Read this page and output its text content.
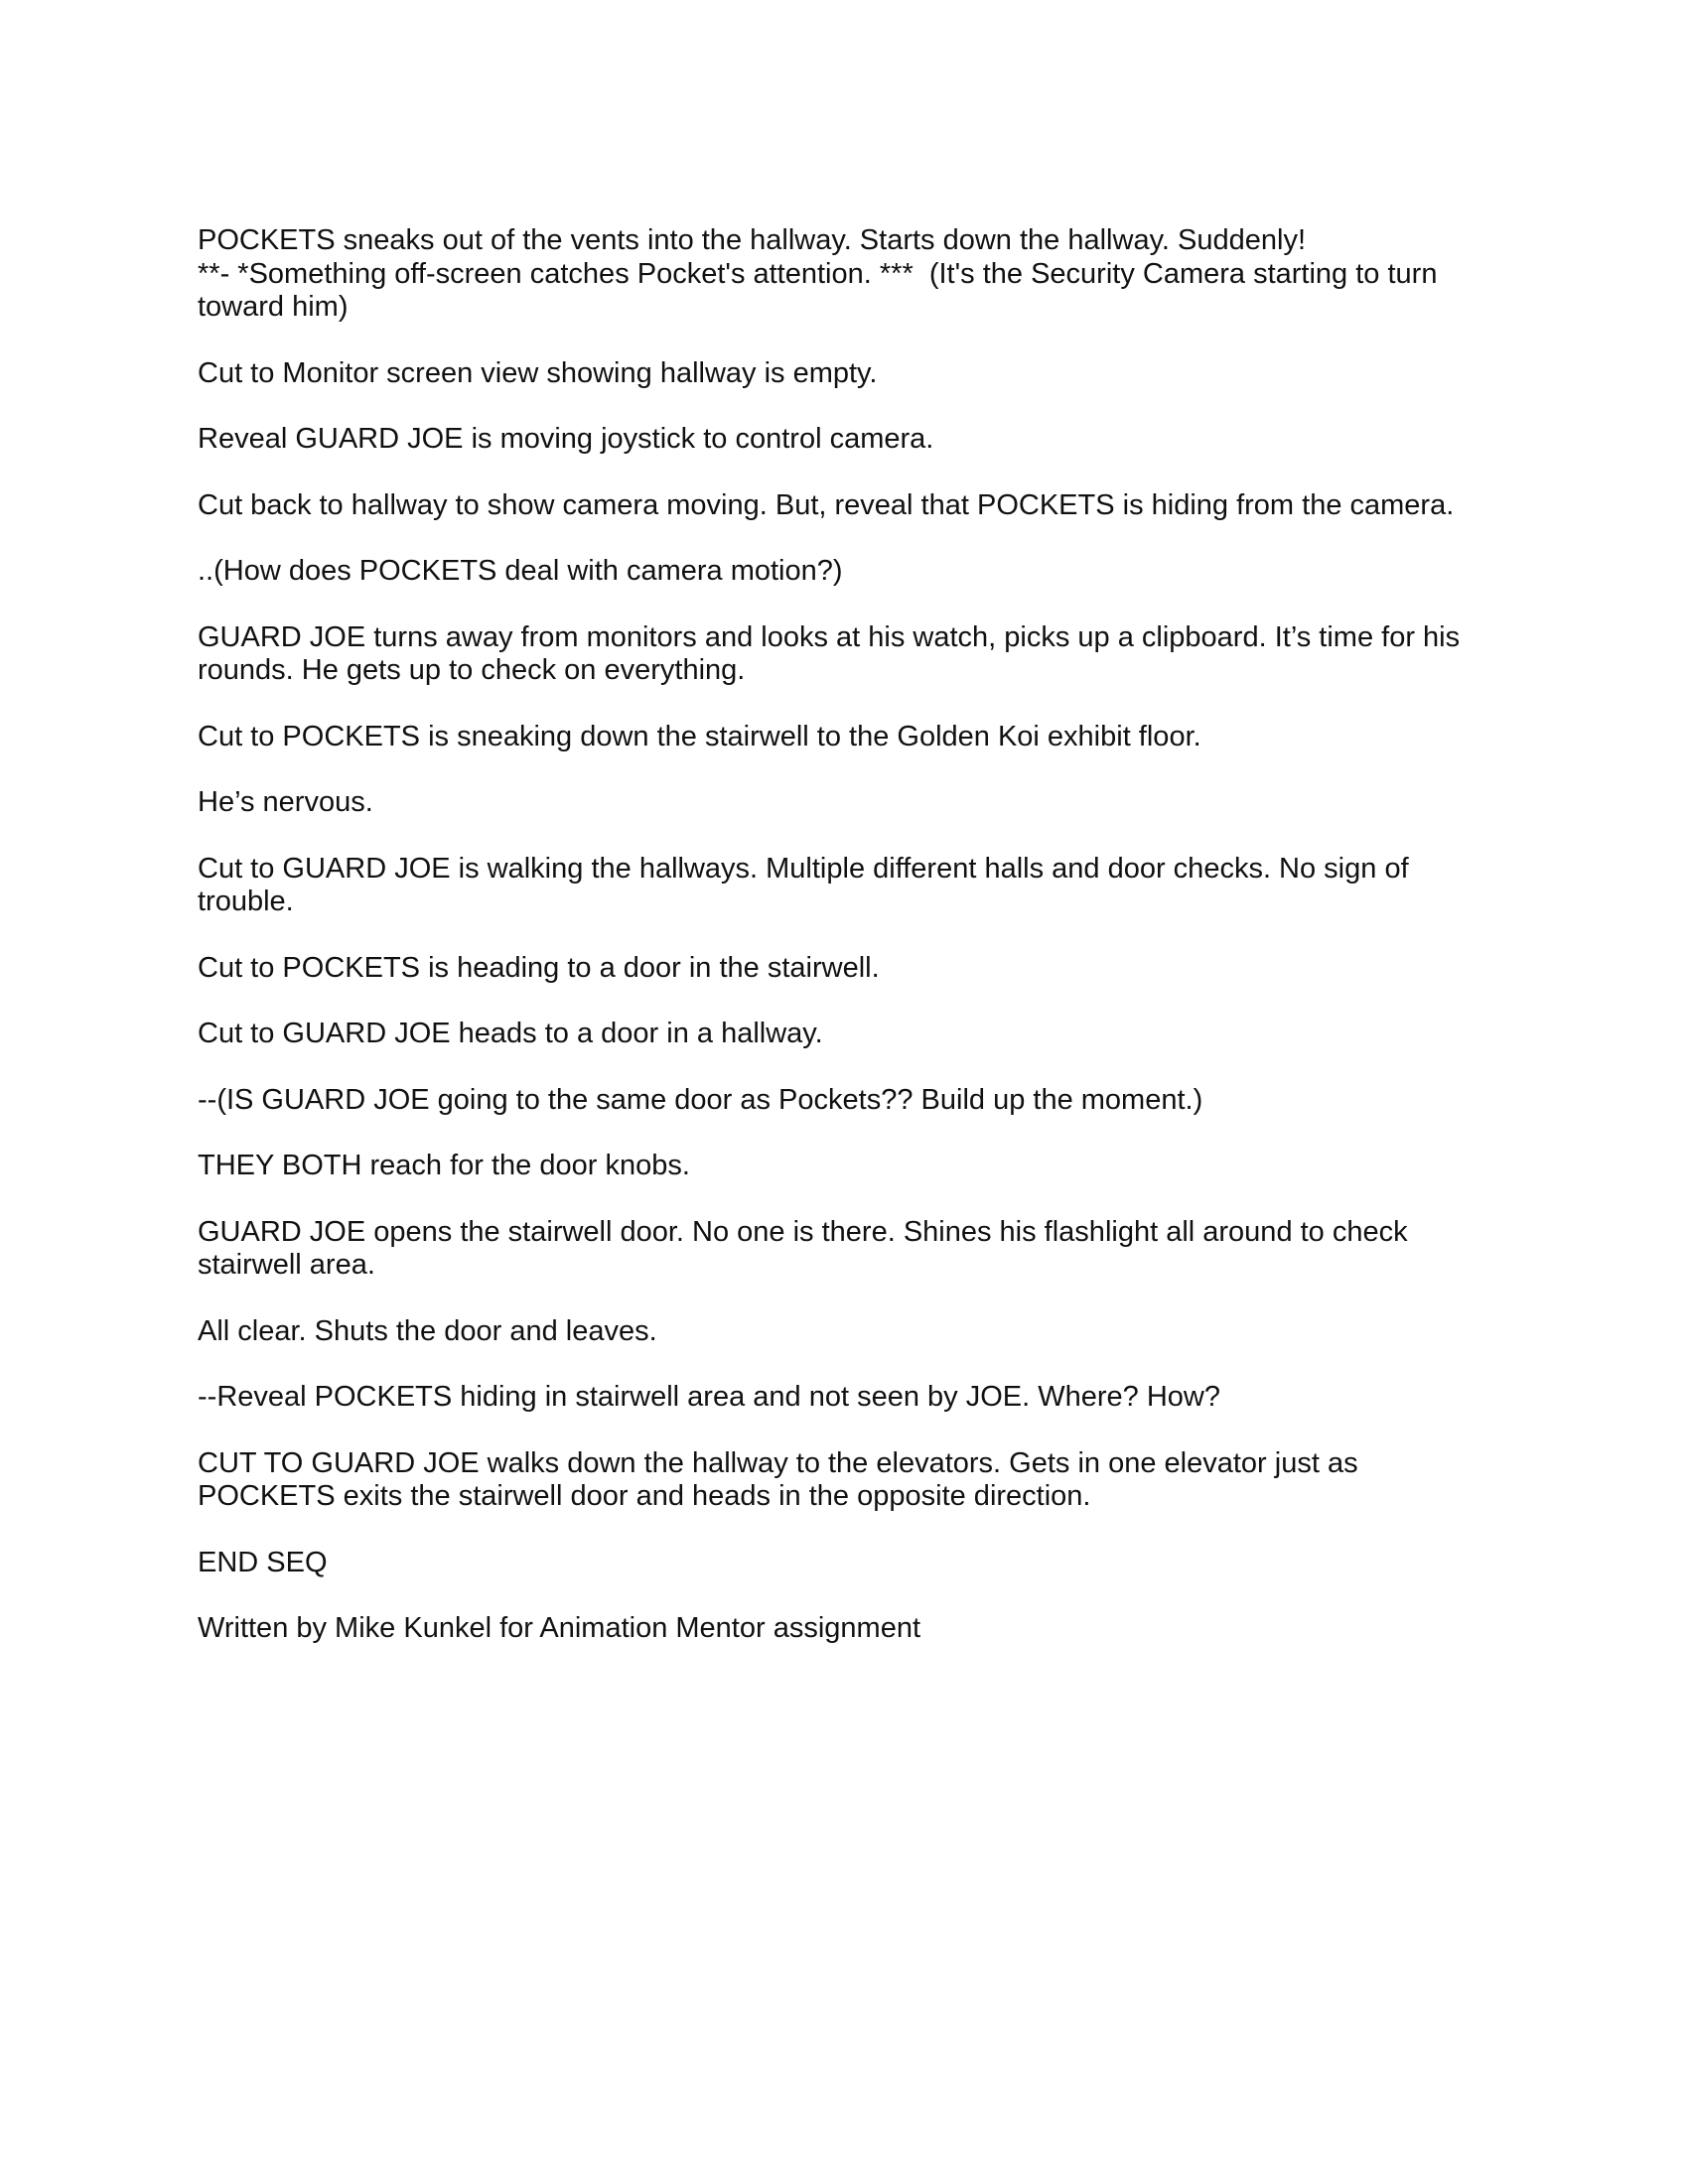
POCKETS sneaks out of the vents into the hallway. Starts down the hallway. Suddenly!
**- *Something off-screen catches Pocket's attention. ***  (It's the Security Camera starting to turn toward him)

Cut to Monitor screen view showing hallway is empty.

Reveal GUARD JOE is moving joystick to control camera.

Cut back to hallway to show camera moving. But, reveal that POCKETS is hiding from the camera.

..(How does POCKETS deal with camera motion?)

GUARD JOE turns away from monitors and looks at his watch, picks up a clipboard. It’s time for his rounds. He gets up to check on everything.

Cut to POCKETS is sneaking down the stairwell to the Golden Koi exhibit floor.

He’s nervous.

Cut to GUARD JOE is walking the hallways. Multiple different halls and door checks. No sign of trouble.

Cut to POCKETS is heading to a door in the stairwell.

Cut to GUARD JOE heads to a door in a hallway.

--(IS GUARD JOE going to the same door as Pockets?? Build up the moment.)

THEY BOTH reach for the door knobs.

GUARD JOE opens the stairwell door. No one is there. Shines his flashlight all around to check stairwell area.

All clear. Shuts the door and leaves.

--Reveal POCKETS hiding in stairwell area and not seen by JOE. Where? How?

CUT TO GUARD JOE walks down the hallway to the elevators. Gets in one elevator just as POCKETS exits the stairwell door and heads in the opposite direction.

END SEQ

Written by Mike Kunkel for Animation Mentor assignment
